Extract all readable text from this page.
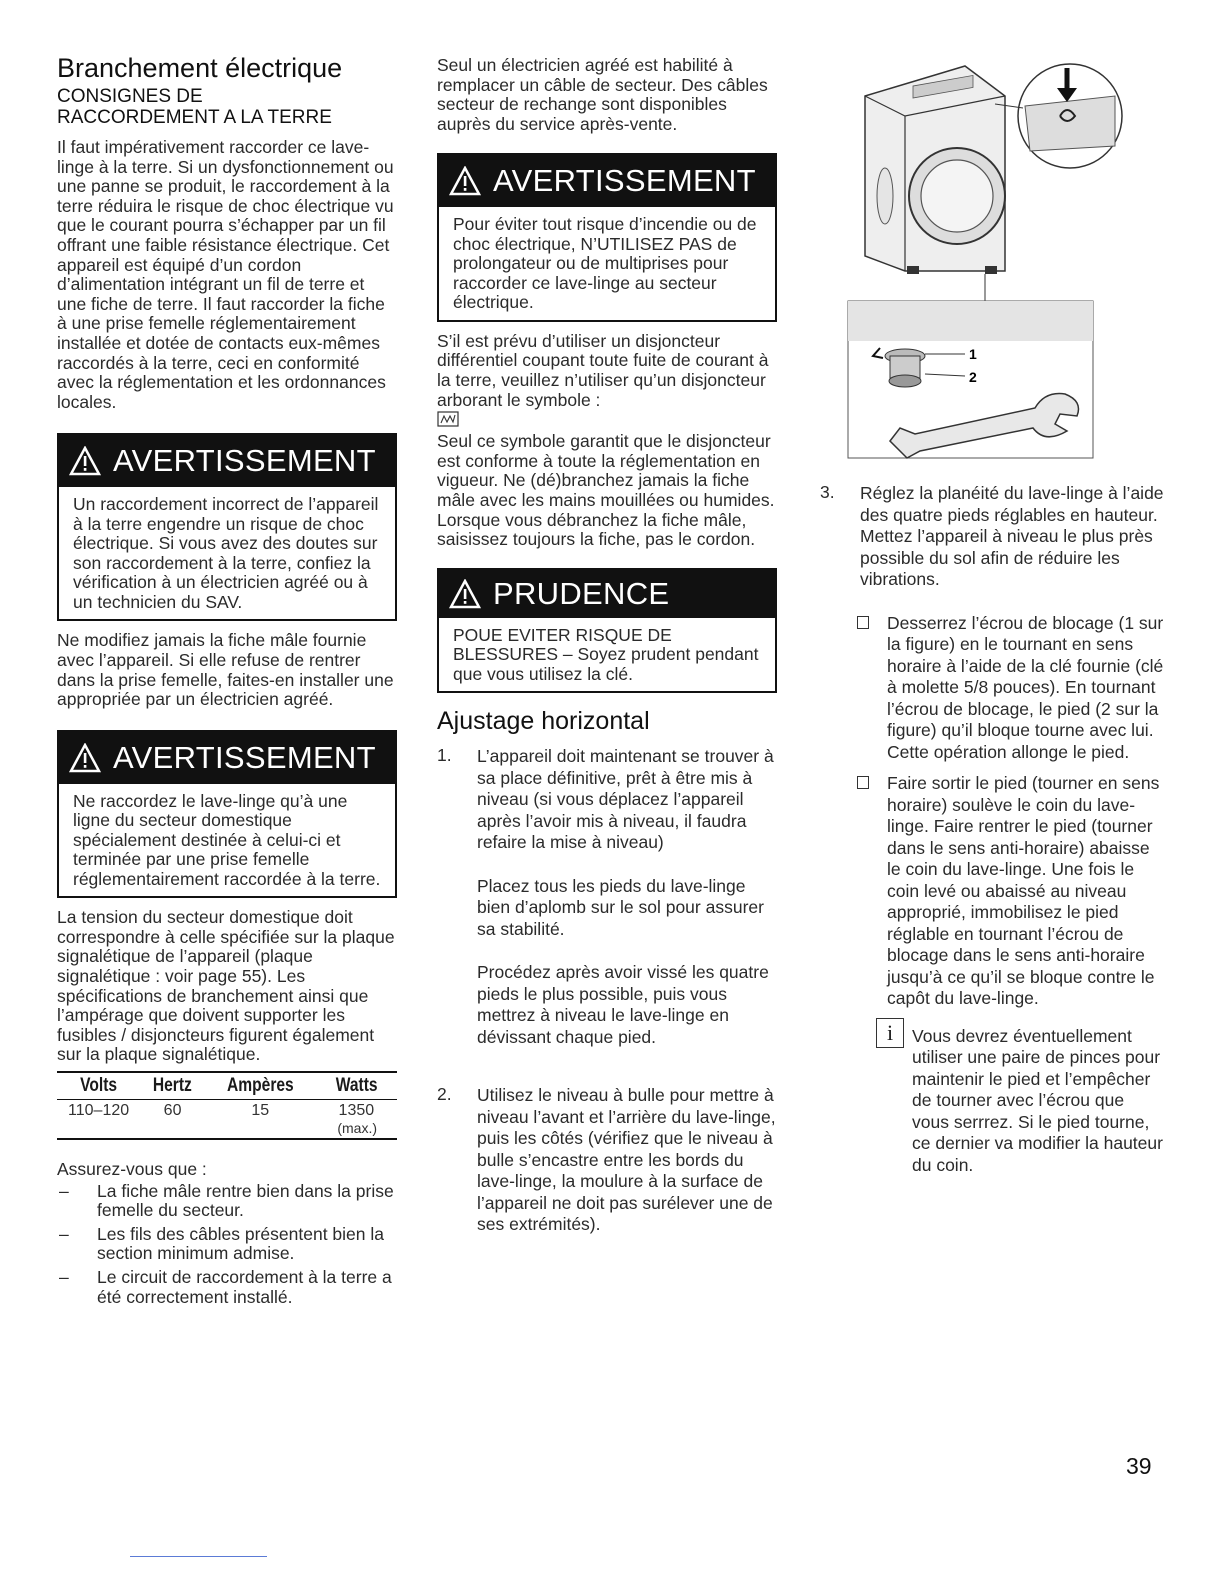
Branchement électrique
CONSIGNES DE
RACCORDEMENT A LA TERRE

Il faut impérativement raccorder ce lave-linge à la terre. Si un dysfonctionnement ou une panne se produit, le raccordement à la terre réduira le risque de choc électrique vu que le courant pourra s’échapper par un fil offrant une faible résistance électrique. Cet appareil est équipé d’un cordon d’alimentation intégrant un fil de terre et une fiche de terre. Il faut raccorder la fiche à une prise femelle réglementairement installée et dotée de contacts eux-mêmes raccordés à la terre, ceci en conformité avec la réglementation et les ordonnances locales.

AVERTISSEMENT

Un raccordement incorrect de l’appareil à la terre engendre un risque de choc électrique. Si vous avez des doutes sur son raccordement à la terre, confiez la vérification à un électricien agréé ou à un technicien du SAV.

Ne modifiez jamais la fiche mâle fournie avec l’appareil. Si elle refuse de rentrer dans la prise femelle, faites-en installer une appropriée par un électricien agréé.

AVERTISSEMENT

Ne raccordez le lave-linge qu’à une ligne du secteur domestique spécialement destinée à celui-ci et terminée par une prise femelle réglementairement raccordée à la terre.

La tension du secteur domestique doit correspondre à celle spécifiée sur la plaque signalétique de l’appareil (plaque signalétique : voir page 55). Les spécifications de branchement ainsi que l’ampérage que doivent supporter les fusibles / disjoncteurs figurent également sur la plaque signalétique.

Volts	Hertz	Ampères	Watts
110–120	60	15	1350
(max.)

Assurez-vous que :

–	La fiche mâle rentre bien dans la prise femelle du secteur.

–	Les fils des câbles présentent bien la section minimum admise.

–	Le circuit de raccordement à la terre a été correctement installé.

Seul un électricien agréé est habilité à remplacer un câble de secteur. Des câbles secteur de rechange sont disponibles auprès du service après-vente.

AVERTISSEMENT

Pour éviter tout risque d’incendie ou de choc électrique, N’UTILISEZ PAS de prolongateur ou de multiprises pour raccorder ce lave-linge au secteur électrique.

S’il est prévu d’utiliser un disjoncteur différentiel coupant toute fuite de courant à la terre, veuillez n’utiliser qu’un disjoncteur arborant le symbole :

Seul ce symbole garantit que le disjoncteur est conforme à toute la réglementation en vigueur. Ne (dé)branchez jamais la fiche mâle avec les mains mouillées ou humides. Lorsque vous débranchez la fiche mâle, saisissez toujours la fiche, pas le cordon.

PRUDENCE

POUE EVITER RISQUE DE BLESSURES – Soyez prudent pendant que vous utilisez la clé.

Ajustage horizontal

1.	L’appareil doit maintenant se trouver à sa place définitive, prêt à être mis à niveau (si vous déplacez l’appareil après l’avoir mis à niveau, il faudra refaire la mise à niveau)

Placez tous les pieds du lave-linge bien d’aplomb sur le sol pour assurer sa stabilité.

Procédez après avoir vissé les quatre pieds le plus possible, puis vous mettrez à niveau le lave-linge en dévissant chaque pied.

2.	Utilisez le niveau à bulle pour mettre à niveau l’avant et l’arrière du lave-linge, puis les côtés (vérifiez que le niveau à bulle s’encastre entre les bords du lave-linge, la moulure à la surface de l’appareil ne doit pas surélever une de ses extrémités).

1
2

3.	Réglez la planéité du lave-linge à l’aide des quatre pieds réglables en hauteur. Mettez l’appareil à niveau le plus près possible du sol afin de réduire les vibrations.

Desserrez l’écrou de blocage (1 sur la figure) en le tournant en sens horaire à l’aide de la clé fournie (clé à molette 5/8 pouces). En tournant l’écrou de blocage, le pied (2 sur la figure) qu’il bloque tourne avec lui. Cette opération allonge le pied.

Faire sortir le pied (tourner en sens horaire) soulève le coin du lave-linge. Faire rentrer le pied (tourner dans le sens anti-horaire) abaisse le coin du lave-linge. Une fois le coin levé ou abaissé au niveau approprié, immobilisez le pied réglable en tournant l’écrou de blocage dans le sens anti-horaire jusqu’à ce qu’il se bloque contre le capôt du lave-linge.

i	Vous devrez éventuellement utiliser une paire de pinces pour maintenir le pied et l’empêcher de tourner avec l’écrou que vous serrrez. Si le pied tourne, ce dernier va modifier la hauteur du coin.

39
